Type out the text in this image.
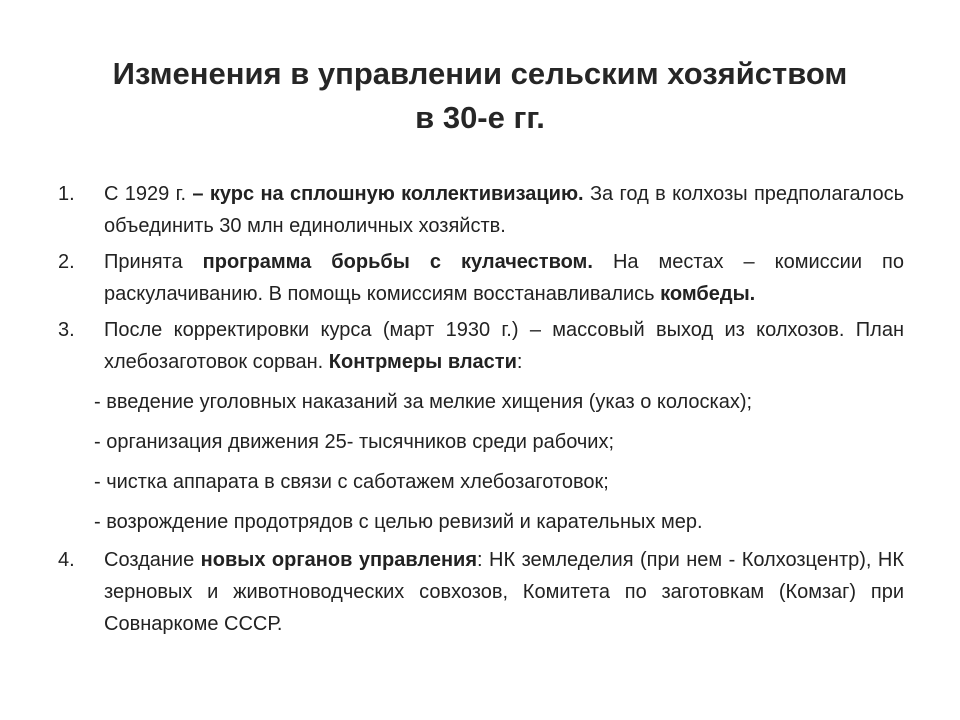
Изменения в управлении сельским хозяйством
в 30-е гг.
1. С 1929 г. – курс на сплошную коллективизацию. За год в колхозы предполагалось объединить 30 млн единоличных хозяйств.
2. Принята программа борьбы с кулачеством. На местах – комиссии по раскулачиванию. В помощь комиссиям восстанавливались комбеды.
3. После корректировки курса (март 1930 г.) – массовый выход из колхозов. План хлебозаготовок сорван. Контрмеры власти:
- введение уголовных наказаний за мелкие хищения (указ о колосках);
- организация движения 25- тысячников среди рабочих;
- чистка аппарата в связи с саботажем хлебозаготовок;
- возрождение продотрядов с целью ревизий и карательных мер.
4. Создание новых органов управления: НК земледелия (при нем - Колхозцентр), НК зерновых и животноводческих совхозов, Комитета по заготовкам (Комзаг) при Совнаркоме СССР.
